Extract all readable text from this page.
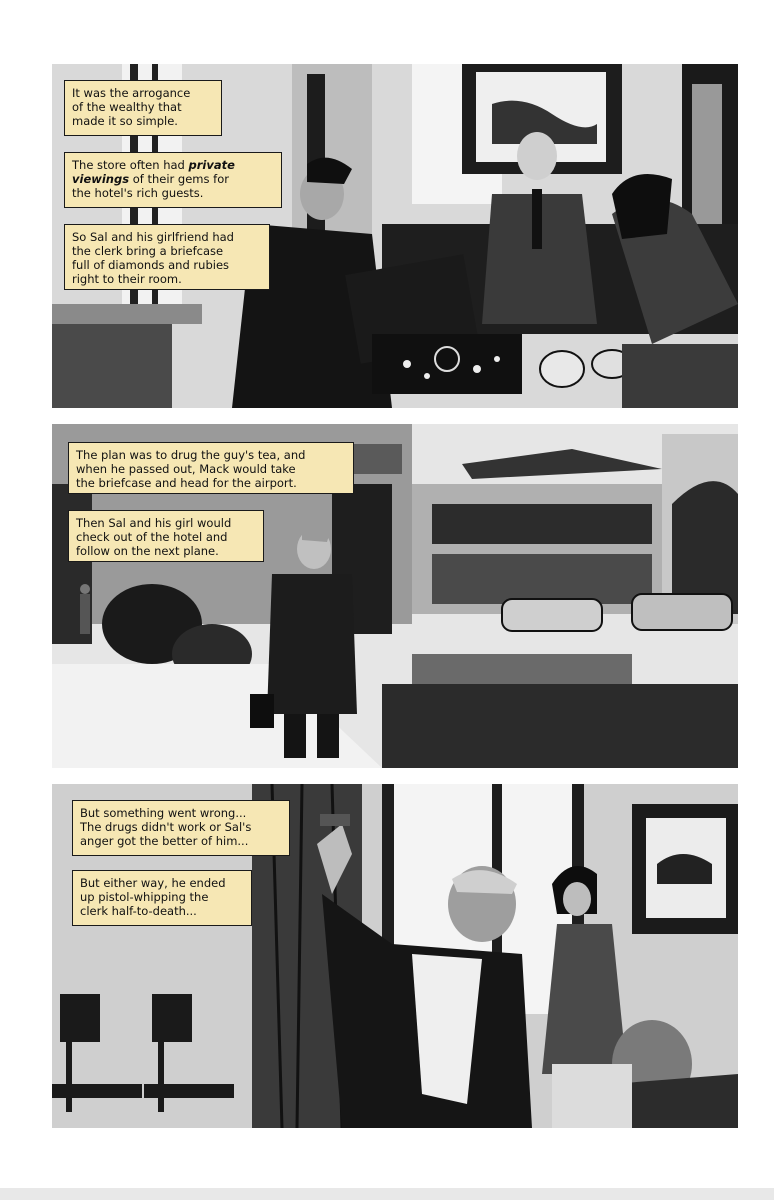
It was the arrogance
of the wealthy that
made it so simple.
The store often had private
viewings of their gems for
the hotel's rich guests.
So Sal and his girlfriend had
the clerk bring a briefcase
full of diamonds and rubies
right to their room.
The plan was to drug the guy's tea, and
when he passed out, Mack would take
the briefcase and head for the airport.
Then Sal and his girl would
check out of the hotel and
follow on the next plane.
But something went wrong...
The drugs didn't work or Sal's
anger got the better of him...
But either way, he ended
up pistol-whipping the
clerk half-to-death...
